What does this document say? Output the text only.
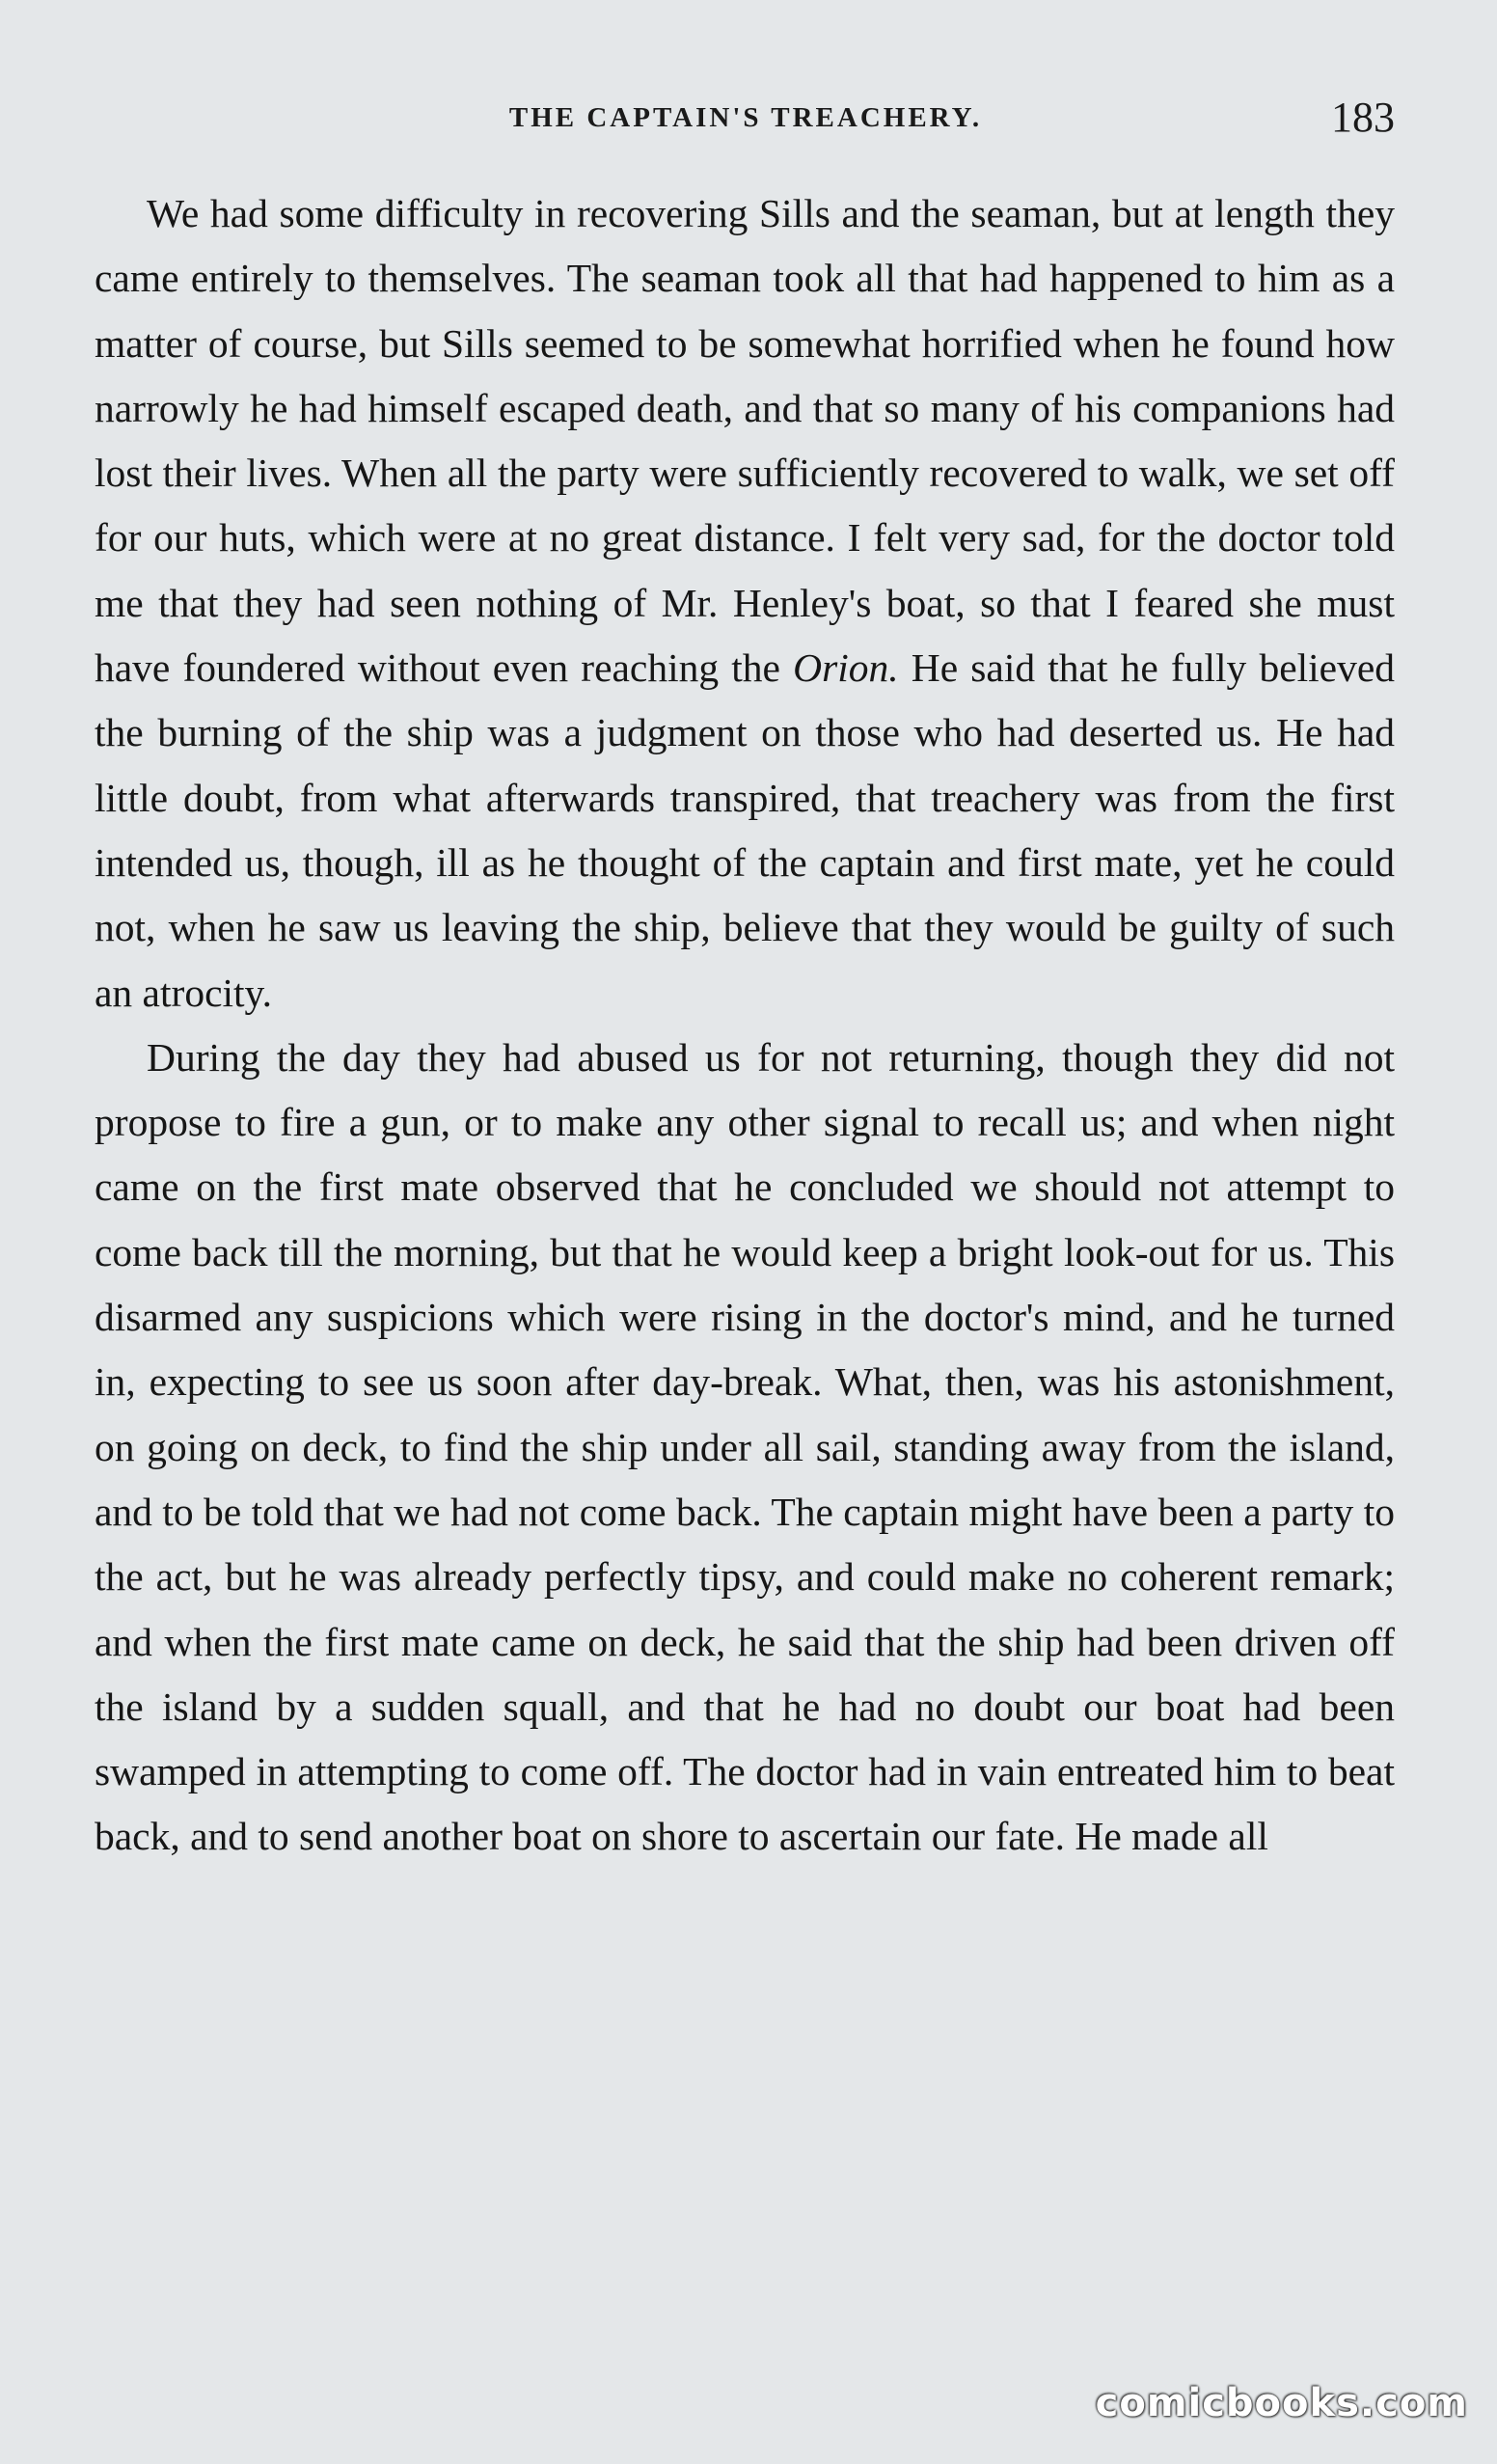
THE CAPTAIN'S TREACHERY.	183

We had some difficulty in recovering Sills and the seaman, but at length they came entirely to themselves. The seaman took all that had happened to him as a matter of course, but Sills seemed to be somewhat horrified when he found how narrowly he had himself escaped death, and that so many of his companions had lost their lives. When all the party were sufficiently recovered to walk, we set off for our huts, which were at no great distance. I felt very sad, for the doctor told me that they had seen nothing of Mr. Henley's boat, so that I feared she must have foundered without even reaching the Orion. He said that he fully believed the burning of the ship was a judgment on those who had deserted us. He had little doubt, from what afterwards transpired, that treachery was from the first intended us, though, ill as he thought of the captain and first mate, yet he could not, when he saw us leaving the ship, believe that they would be guilty of such an atrocity.

During the day they had abused us for not returning, though they did not propose to fire a gun, or to make any other signal to recall us; and when night came on the first mate observed that he concluded we should not attempt to come back till the morning, but that he would keep a bright look-out for us. This disarmed any suspicions which were rising in the doctor's mind, and he turned in, expecting to see us soon after day-break. What, then, was his astonishment, on going on deck, to find the ship under all sail, standing away from the island, and to be told that we had not come back. The captain might have been a party to the act, but he was already perfectly tipsy, and could make no coherent remark; and when the first mate came on deck, he said that the ship had been driven off the island by a sudden squall, and that he had no doubt our boat had been swamped in attempting to come off. The doctor had in vain entreated him to beat back, and to send another boat on shore to ascertain our fate. He made all

comicbooks.com
